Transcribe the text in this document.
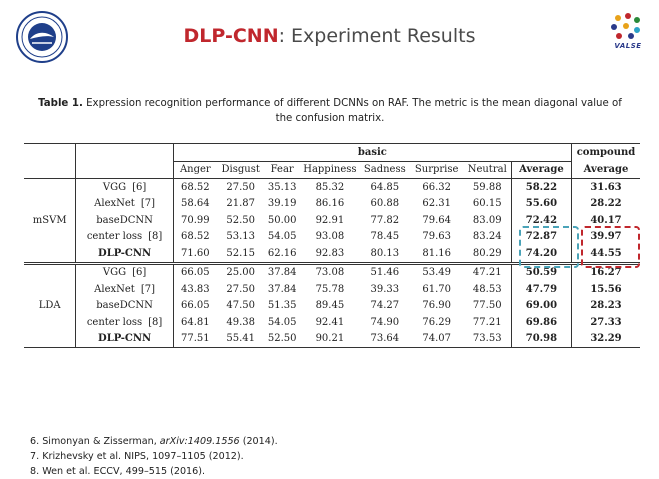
VALSE
DLP-CNN: Experiment Results
Table 1. Expression recognition performance of different DCNNs on RAF. The metric is the mean diagonal value of the confusion matrix.
		basic								compound
		Anger	Disgust	Fear	Happiness	Sadness	Surprise	Neutral	Average	Average
mSVM	VGG [6]	68.52	27.50	35.13	85.32	64.85	66.32	59.88	58.22	31.63
	AlexNet [7]	58.64	21.87	39.19	86.16	60.88	62.31	60.15	55.60	28.22
	baseDCNN	70.99	52.50	50.00	92.91	77.82	79.64	83.09	72.42	40.17
	center loss [8]	68.52	53.13	54.05	93.08	78.45	79.63	83.24	72.87	39.97
	DLP-CNN	71.60	52.15	62.16	92.83	80.13	81.16	80.29	74.20	44.55
LDA	VGG [6]	66.05	25.00	37.84	73.08	51.46	53.49	47.21	50.59	16.27
	AlexNet [7]	43.83	27.50	37.84	75.78	39.33	61.70	48.53	47.79	15.56
	baseDCNN	66.05	47.50	51.35	89.45	74.27	76.90	77.50	69.00	28.23
	center loss [8]	64.81	49.38	54.05	92.41	74.90	76.29	77.21	69.86	27.33
	DLP-CNN	77.51	55.41	52.50	90.21	73.64	74.07	73.53	70.98	32.29
6. Simonyan & Zisserman, arXiv:1409.1556 (2014).
7. Krizhevsky et al. NIPS, 1097–1105 (2012).
8. Wen et al. ECCV, 499–515 (2016).
